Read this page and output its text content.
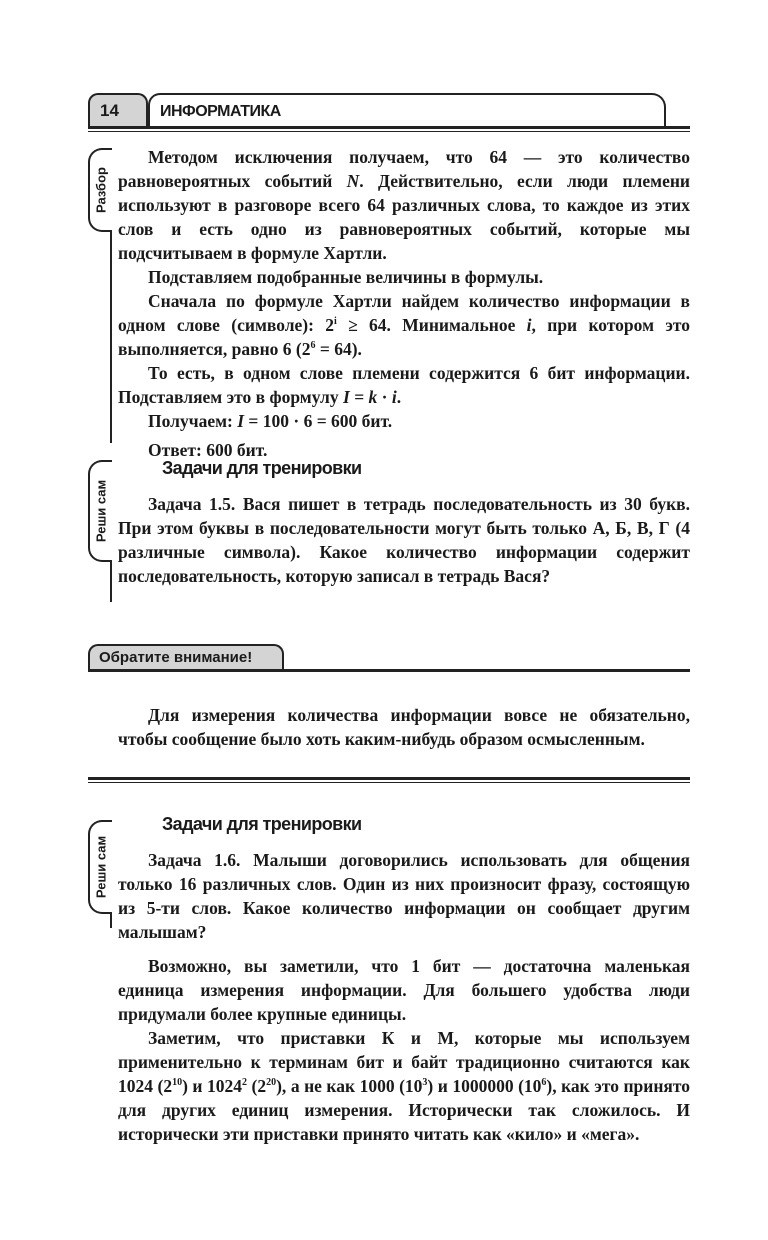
14	ИНФОРМАТИКА
Разбор

Методом исключения получаем, что 64 — это количество равновероятных событий N. Действительно, если люди племени используют в разговоре всего 64 различных слова, то каждое из этих слов и есть одно из равновероятных событий, которые мы подсчитываем в формуле Хартли.

Подставляем подобранные величины в формулы.

Сначала по формуле Хартли найдем количество информации в одном слове (символе): $2^i \ge 64$. Минимальное i, при котором это выполняется, равно 6 $(2^6 = 64)$.

То есть, в одном слове племени содержится 6 бит информации. Подставляем это в формулу I = k · i.

Получаем: I = 100 · 6 = 600 бит.

Ответ: 600 бит.

Реши сам
Задачи для тренировки

Задача 1.5. Вася пишет в тетрадь последовательность из 30 букв. При этом буквы в последовательности могут быть только А, Б, В, Г (4 различные символа). Какое количество информации содержит последовательность, которую записал в тетрадь Вася?

Обратите внимание!

Для измерения количества информации вовсе не обязательно, чтобы сообщение было хоть каким-нибудь образом осмысленным.

Реши сам
Задачи для тренировки

Задача 1.6. Малыши договорились использовать для общения только 16 различных слов. Один из них произносит фразу, состоящую из 5-ти слов. Какое количество информации он сообщает другим малышам?

Возможно, вы заметили, что 1 бит — достаточна маленькая единица измерения информации. Для большего удобства люди придумали более крупные единицы.

Заметим, что приставки К и М, которые мы используем применительно к терминам бит и байт традиционно считаются как 1024 $(2^{10})$ и 1024$^2$ $(2^{20})$, а не как 1000 $(10^3)$ и 1000000 $(10^6)$, как это принято для других единиц измерения. Исторически так сложилось. И исторически эти приставки принято читать как «кило» и «мега».
